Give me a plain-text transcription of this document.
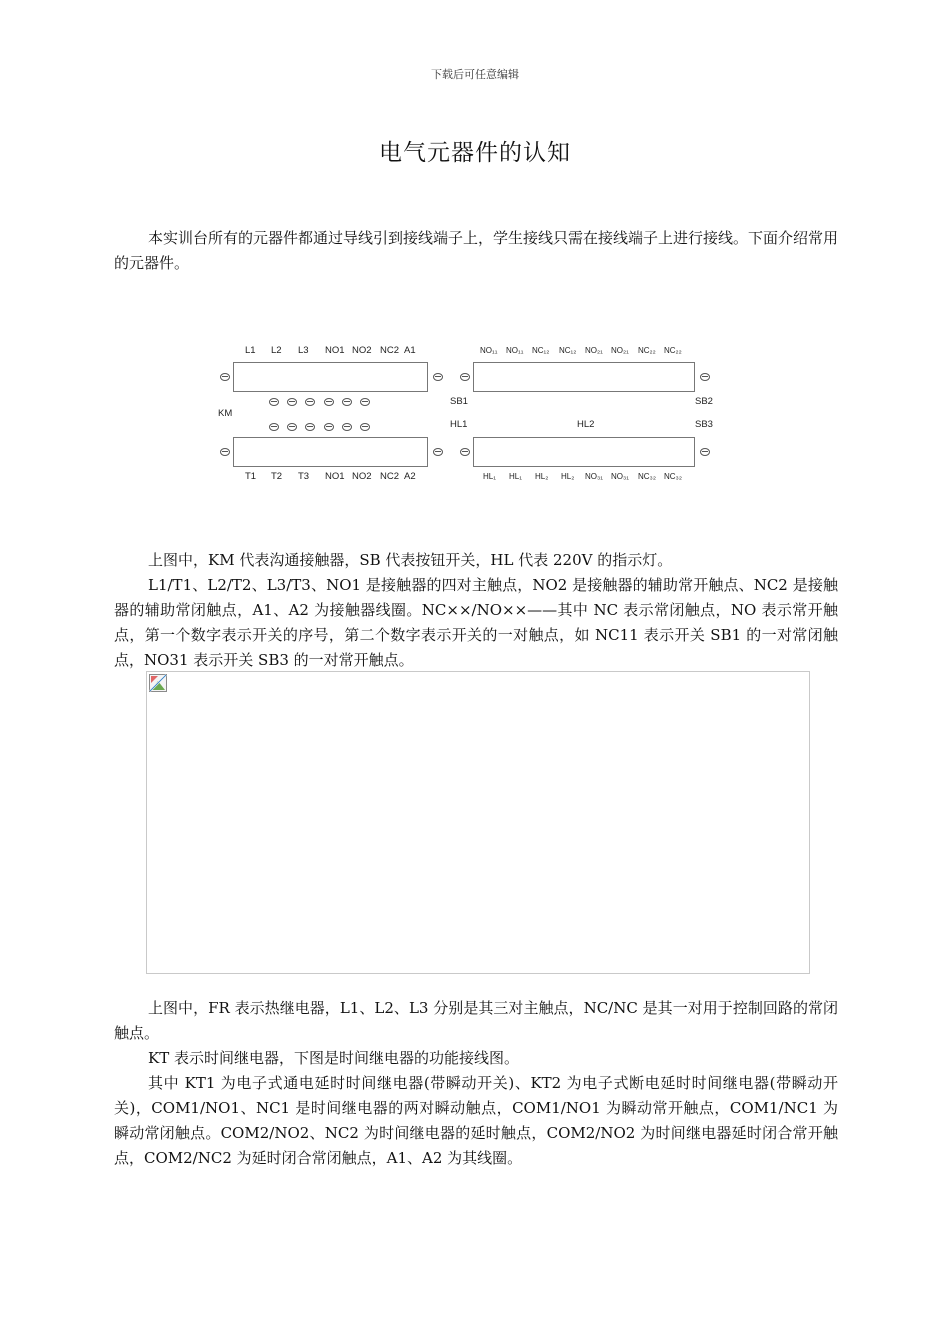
下载后可任意编辑
电气元器件的认知

本实训台所有的元器件都通过导线引到接线端子上，学生接线只需在接线端子上进行接线。下面介绍常用的元器件。

L1 L2 L3 NO1 NO2 NC2 A1	NO₁₁ NO₁₁ NC₁₂ NC₁₂ NO₂₁ NO₂₁ NC₂₂ NC₂₂
SB1	SB2
KM
HL1	HL2	SB3
T1 T2 T3 NO1 NO2 NC2 A2	HL₁ HL₁ HL₂ HL₂ NO₃₁ NO₃₁ NC₃₂ NC₃₂

上图中，KM 代表沟通接触器，SB 代表按钮开关，HL 代表 220V 的指示灯。

L1/T1、L2/T2、L3/T3、NO1 是接触器的四对主触点，NO2 是接触器的辅助常开触点、NC2 是接触器的辅助常闭触点，A1、A2 为接触器线圈。NC××/NO××——其中 NC 表示常闭触点，NO 表示常开触点，第一个数字表示开关的序号，第二个数字表示开关的一对触点，如 NC11 表示开关 SB1 的一对常闭触点，NO31 表示开关 SB3 的一对常开触点。

上图中，FR 表示热继电器，L1、L2、L3 分别是其三对主触点，NC/NC 是其一对用于控制回路的常闭触点。

KT 表示时间继电器，下图是时间继电器的功能接线图。

其中 KT1 为电子式通电延时时间继电器(带瞬动开关)、KT2 为电子式断电延时时间继电器(带瞬动开关)，COM1/NO1、NC1 是时间继电器的两对瞬动触点，COM1/NO1 为瞬动常开触点，COM1/NC1 为瞬动常闭触点。COM2/NO2、NC2 为时间继电器的延时触点，COM2/NO2 为时间继电器延时闭合常开触点，COM2/NC2 为延时闭合常闭触点，A1、A2 为其线圈。
